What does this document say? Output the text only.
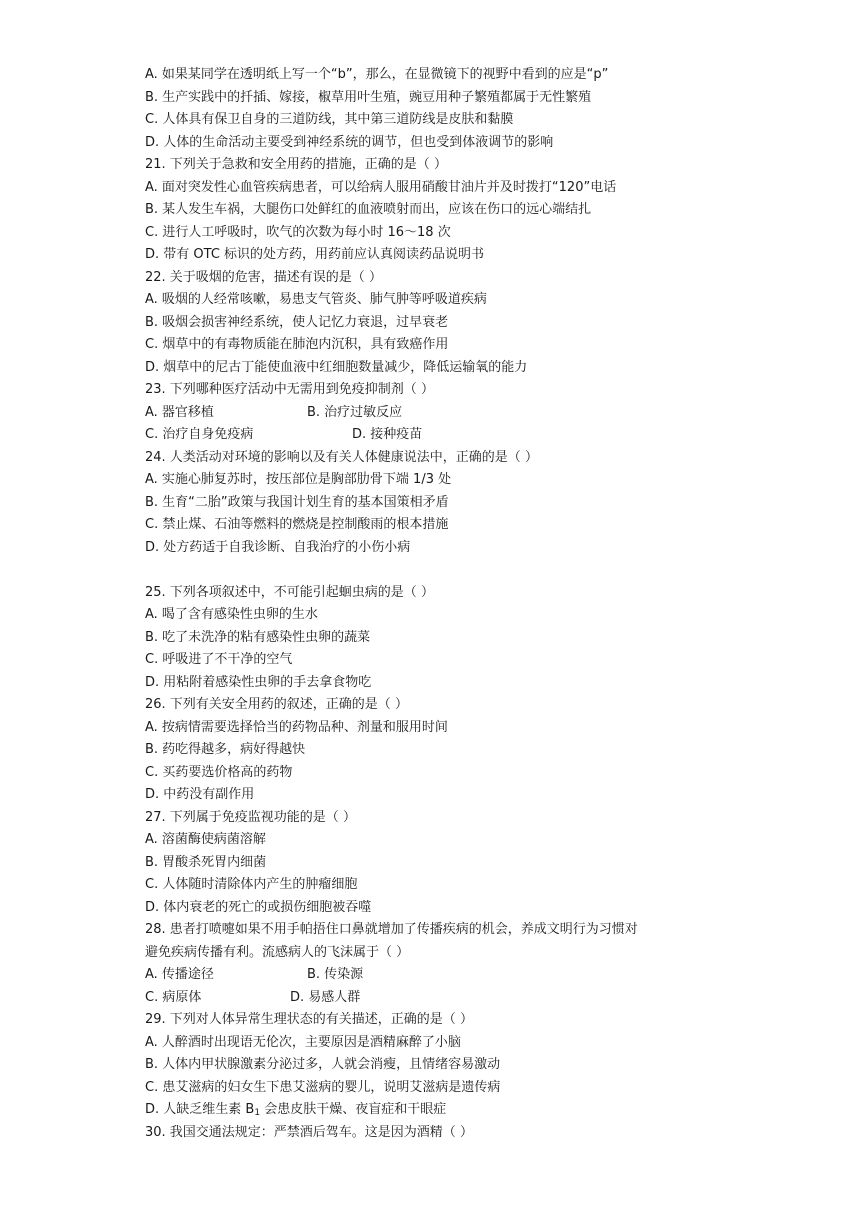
A. 如果某同学在透明纸上写一个“b”，那么，在显微镜下的视野中看到的应是“p”
B. 生产实践中的扦插、嫁接，椒草用叶生殖，豌豆用种子繁殖都属于无性繁殖
C. 人体具有保卫自身的三道防线，其中第三道防线是皮肤和黏膜
D. 人体的生命活动主要受到神经系统的调节，但也受到体液调节的影响
21. 下列关于急救和安全用药的措施，正确的是（ ）
A. 面对突发性心血管疾病患者，可以给病人服用硝酸甘油片并及时拨打“120”电话
B. 某人发生车祸，大腿伤口处鲜红的血液喷射而出，应该在伤口的远心端结扎
C. 进行人工呼吸时，吹气的次数为每小时 16～18 次
D. 带有 OTC 标识的处方药，用药前应认真阅读药品说明书
22. 关于吸烟的危害，描述有误的是（ ）
A. 吸烟的人经常咳嗽，易患支气管炎、肺气肿等呼吸道疾病
B. 吸烟会损害神经系统，使人记忆力衰退，过早衰老
C. 烟草中的有毒物质能在肺泡内沉积，具有致癌作用
D. 烟草中的尼古丁能使血液中红细胞数量减少，降低运输氧的能力
23. 下列哪种医疗活动中无需用到免疫抑制剂（ ）
A. 器官移植	B. 治疗过敏反应
C. 治疗自身免疫病	D. 接种疫苗
24. 人类活动对环境的影响以及有关人体健康说法中，正确的是（ ）
A. 实施心肺复苏时，按压部位是胸部肋骨下端 1/3 处
B. 生育“二胎”政策与我国计划生育的基本国策相矛盾
C. 禁止煤、石油等燃料的燃烧是控制酸雨的根本措施
D. 处方药适于自我诊断、自我治疗的小伤小病
25. 下列各项叙述中，不可能引起蛔虫病的是（ ）
A. 喝了含有感染性虫卵的生水
B. 吃了未洗净的粘有感染性虫卵的蔬菜
C. 呼吸进了不干净的空气
D. 用粘附着感染性虫卵的手去拿食物吃
26. 下列有关安全用药的叙述，正确的是（ ）
A. 按病情需要选择恰当的药物品种、剂量和服用时间
B. 药吃得越多，病好得越快
C. 买药要选价格高的药物
D. 中药没有副作用
27. 下列属于免疫监视功能的是（ ）
A. 溶菌酶使病菌溶解
B. 胃酸杀死胃内细菌
C. 人体随时清除体内产生的肿瘤细胞
D. 体内衰老的死亡的或损伤细胞被吞噬
28. 患者打喷嚏如果不用手帕捂住口鼻就增加了传播疾病的机会，养成文明行为习惯对
避免疾病传播有利。流感病人的飞沫属于（ ）
A. 传播途径	B. 传染源
C. 病原体	D. 易感人群
29. 下列对人体异常生理状态的有关描述，正确的是（ ）
A. 人醉酒时出现语无伦次，主要原因是酒精麻醉了小脑
B. 人体内甲状腺激素分泌过多，人就会消瘦，且情绪容易激动
C. 患艾滋病的妇女生下患艾滋病的婴儿，说明艾滋病是遗传病
D. 人缺乏维生素 $B_1$ 会患皮肤干燥、夜盲症和干眼症
30. 我国交通法规定：严禁酒后驾车。这是因为酒精（ ）
